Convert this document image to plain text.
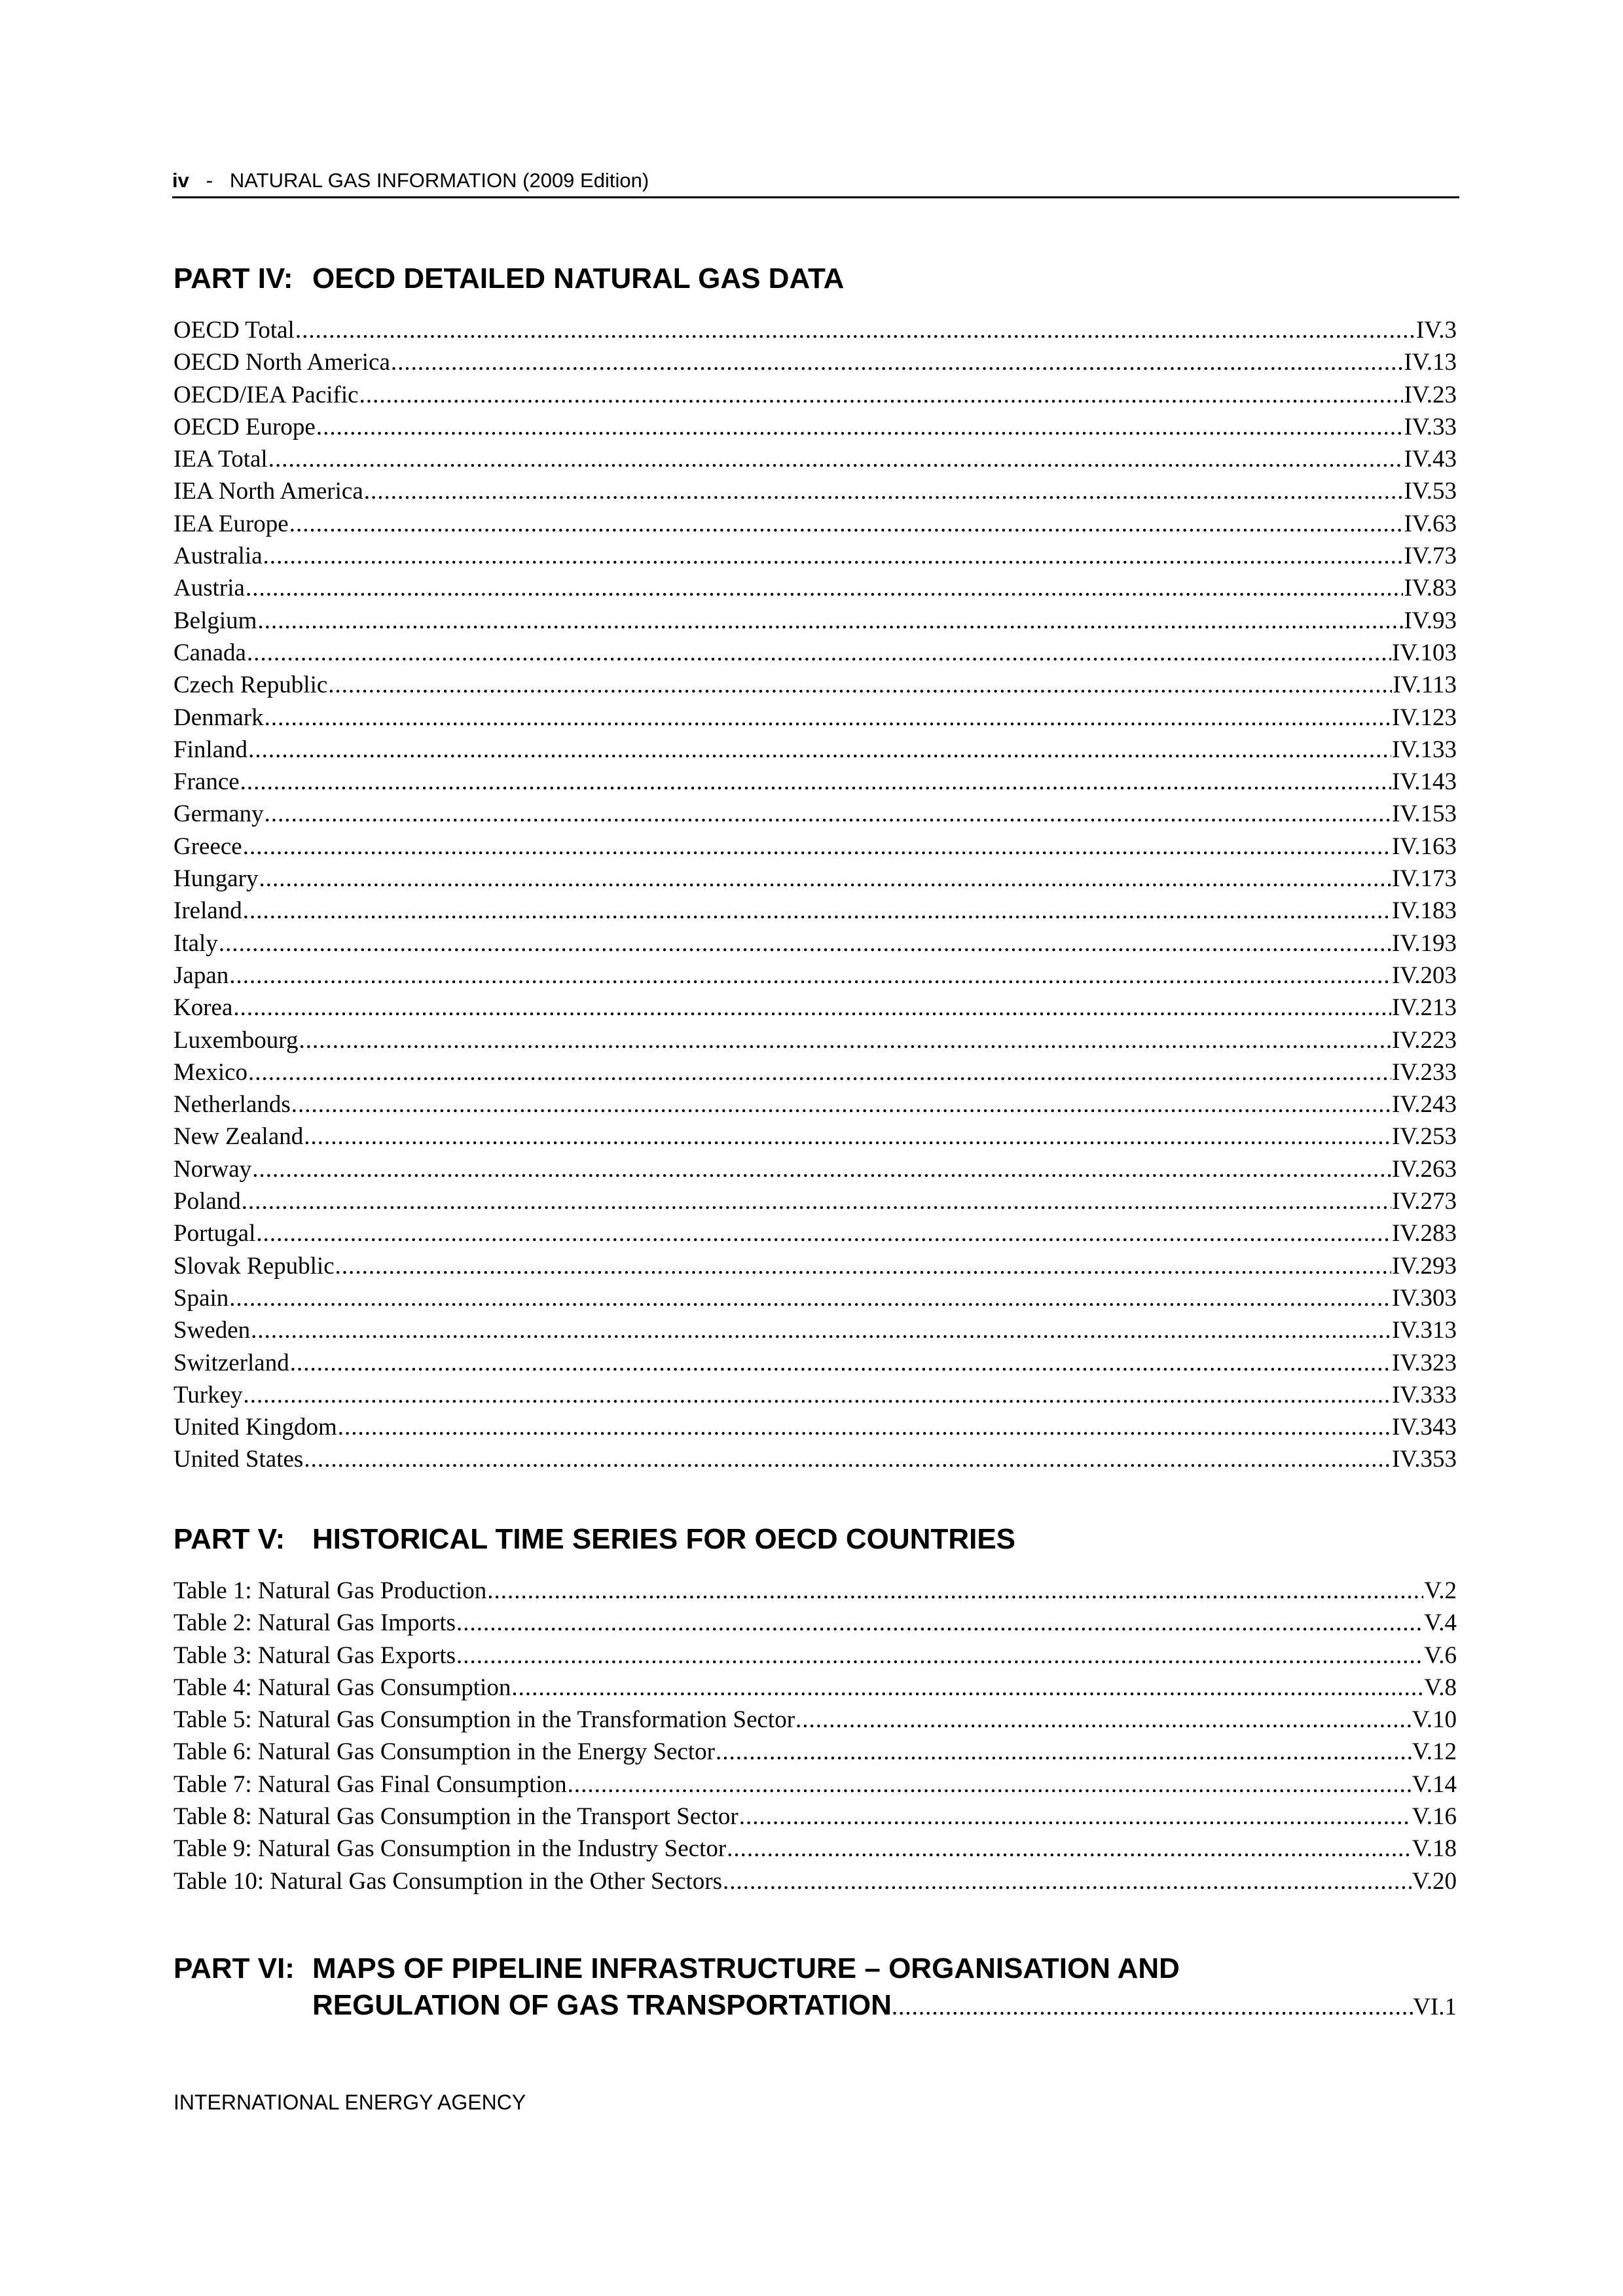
iv - NATURAL GAS INFORMATION (2009 Edition)
PART IV: OECD DETAILED NATURAL GAS DATA
OECD Total .....	IV.3
OECD North America .....	IV.13
OECD/IEA Pacific .....	IV.23
OECD Europe .....	IV.33
IEA Total .....	IV.43
IEA North America .....	IV.53
IEA Europe .....	IV.63
Australia .....	IV.73
Austria .....	IV.83
Belgium .....	IV.93
Canada .....	IV.103
Czech Republic .....	IV.113
Denmark .....	IV.123
Finland .....	IV.133
France .....	IV.143
Germany .....	IV.153
Greece .....	IV.163
Hungary .....	IV.173
Ireland .....	IV.183
Italy .....	IV.193
Japan .....	IV.203
Korea .....	IV.213
Luxembourg .....	IV.223
Mexico .....	IV.233
Netherlands .....	IV.243
New Zealand .....	IV.253
Norway .....	IV.263
Poland .....	IV.273
Portugal .....	IV.283
Slovak Republic .....	IV.293
Spain .....	IV.303
Sweden .....	IV.313
Switzerland .....	IV.323
Turkey .....	IV.333
United Kingdom .....	IV.343
United States .....	IV.353
PART V: HISTORICAL TIME SERIES FOR OECD COUNTRIES
Table 1: Natural Gas Production .....	V.2
Table 2: Natural Gas Imports .....	V.4
Table 3: Natural Gas Exports .....	V.6
Table 4: Natural Gas Consumption .....	V.8
Table 5: Natural Gas Consumption in the Transformation Sector .....	V.10
Table 6: Natural Gas Consumption in the Energy Sector .....	V.12
Table 7: Natural Gas Final Consumption .....	V.14
Table 8: Natural Gas Consumption in the Transport Sector .....	V.16
Table 9: Natural Gas Consumption in the Industry Sector .....	V.18
Table 10: Natural Gas Consumption in the Other Sectors .....	V.20
PART VI: MAPS OF PIPELINE INFRASTRUCTURE – ORGANISATION AND
REGULATION OF GAS TRANSPORTATION .....	VI.1
INTERNATIONAL ENERGY AGENCY
